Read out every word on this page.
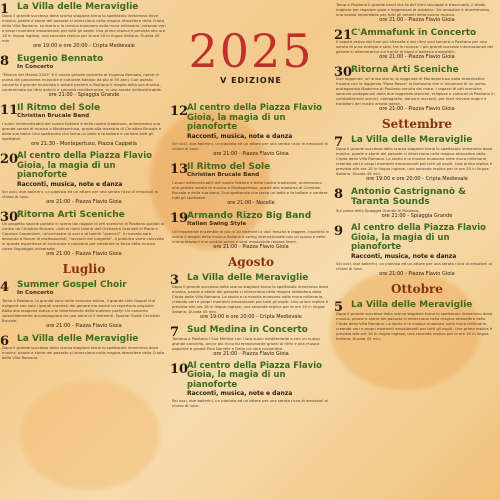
2025
V EDIZIONE
1 La Villa delle Meraviglie
Dopo il grande successo della scorsa stagione torna lo spettacolo immersivo dove musica, parole e storie del passato si intrecciano nella magica atmosfera della Cripta della Villa Romana. La storia e la musica muovono nelle mura millenarie, creando veri e propri momenti emozionanti per tutti gli ospiti. Una prima replica è prevista alle ore 18 in lingua inglese, una seconda replica per le ore 20 in lingua italiana. Durata 45 min.
ore 19:00 e ore 20:00 - Cripta Medievale
8 Eugenio Bennato
In Concerto
"Musica del Mondo 2025" è il nuovo grande concerto di Eugenio Bennato, nome di punta del panorama musicale e culturale italiano da più di 50 anni. Con questo concerto il grande musicista e autore porterà a Positano il meglio della sua musica, contaminata da ritmi antichi e sonorità mediterranee, in una serata indimenticabile.
ore 21:00 - Spiaggia Grande
11
Il Ritmo del Sole
Christian Brucale Band
I suoni indimenticabili del nostro folklore e della nostra tradizione, animeranno una grande serata di musica a Montepertuso, grazie alla maestria di Christian Brucale e della sua band. Uno spettacolo che torna un ballo e fa ballare e cantare tutti gli spettatori.
ore 21:30 - Montepertuso, Piazza Cappella
20
Al centro della Piazza Flavio Gioia, la magia di un pianoforte
Racconti, musica, note e danza
Sei voci, due ballerini, un pianista ed un attore per una serata ricca di emozioni al chiaro di luna.
ore 21:00 - Piazza Flavio Gioia
30
Ritorna Arti Sceniche
Un progetto sociale portato in scena dai ragazzi di arti sceniche di Positano guidati al centro da Christian Brucale, uniti ai nomi talenti dell'Orchestra Scarlatti di Piano e Carolina Carpentieri, un'orchestra di voci e di talenti "speciali". Il ricavato sarà devoluto a favore di professionisti, "racconti del progetto". Il pubblico verrà coinvolto in questa esperienza di inclusione e passione per celebrare la forza della musica come linguaggio universale.
ore 21:00 - Piazza Flavio Gioia
Luglio
4 Summer Gospel Choir
In Concerto
Torna a Positano, la grande voce nelle versione estiva, il grande coro Gospel che eseguirà non solo i grandi successi del genere ma anche un repertorio originale. Abito alla stagione estiva e al divertimento della summer party! Un concerto splendidamente accompagnato da una band di 5 elementi. Special Guest Christian Brucale.
ore 21:00 - Piazza Flavio Gioia
6 La Villa delle Meraviglie
Dopo il grande successo della scorsa stagione torna lo spettacolo immersivo dove musica, parole e storie del passato si intrecciano nella magica atmosfera della Cripta della Villa Romana.
12
Al centro della Piazza Flavio Gioia, la magia di un pianoforte
Racconti, musica, note e danza
Sei voci, due ballerini, un pianista ed un attore per una serata ricca di emozioni al chiaro di luna.
ore 21:00 - Piazza Flavio Gioia
13
Il Ritmo del Sole
Christian Brucale Band
I suoni indimenticabili del nostro folklore e della nostra tradizione, animeranno una grande serata di musica a Montepertuso, grazie alla maestria di Christian Brucale e della sua band. Uno spettacolo che torna un ballo e fa ballare e cantare tutti gli spettatori.
ore 21:00 - Nocelle
19
Armando Rizzo Big Band
Italian Swing Style
Un'imponente ensemble di più di 20 elementi e voci fresche e leggere, riporterà in scena il meglio della musica italiana e swing internazionale con un suono e delle interpretazioni mai sentite prima e sarà impossibile restare fermi.
ore 21:00 - Piazza Flavio Gioia
Agosto
3 La Villa delle Meraviglie
Dopo il grande successo della scorsa stagione torna lo spettacolo immersivo dove musica, parole e storie del passato si intrecciano nella magica atmosfera della Cripta della Villa Romana. La storia e la musica muovono nelle mura millenarie, creando veri e propri momenti emozionanti per tutti gli ospiti. Una prima replica è prevista alle ore 18 in lingua inglese, una seconda replica per le ore 20 in lingua italiana. Durata 45 min.
ore 19:00 e ore 20:00 - Cripta Medievale
7 Sud Medina in Concerto
Tornano a Positano i Sud Medina con i loro suoni mediterranei e con un nuovo grande concerto, ancor più ricco ed emozionante grazie ai ritmi e alla musica popolare e grandi Pino Daniele e Dalla cui sarà consentita.
ore 21:00 - Piazza Flavio Gioia
10
Al centro della Piazza Flavio Gioia, la magia di un pianoforte
Racconti, musica, note e danza
Sei voci, due ballerini, un pianista ed un attore per una serata ricca di emozioni al chiaro di luna.
Torna a Positano il grande band che fa dei ritmi sincopati e trascinanti, il modo migliore per regalare gioia e leggerezza al pubblico. Tra emozioni e divertimento, una serata imperdibile per tutti gli amanti della buona musica.
ore 21:00 - Piazza Flavio Gioia
21
C'Ammafunk in Concerto
Il sapore estivo del funk più sfrenato e dei ritmi soul tornerà a Positano per una serata di pura energia e stile, tra le musica. I più grandi successi internazionali del genere si alterneranno sul fronte di bassi e batteria irresistibili.
ore 21:00 - Piazza Flavio Gioia
30
Ritorna Arti Sceniche
Due leggende, un'unica storia, la leggenda di Montepertuso dalla drammatica fusione con la leggenda "Rosa Rossa" la fantasma che si innamora di un uomo, protagonista Madonna di Positano venuta dal mare. I ragazzi di arti sceniche saranno protagonisti della due leggende storiche, religiose e culturali di Positano in combattimenti scenici, coreografie, danza e racconti, per farci rivivere origini e tradizioni del nostro amato paese.
ore 21:00 - Piazza Flavio Gioia
Settembre
7 La Villa delle Meraviglie
Dopo il grande successo della scorsa stagione torna lo spettacolo immersivo dove musica, parole e storie del passato si intrecciano nella magica atmosfera della Cripta della Villa Romana. La storia e la musica muovono nelle mura millenarie, creando veri e propri momenti emozionanti per tutti gli ospiti. Una prima replica è prevista alle ore 18 in lingua inglese, una seconda replica per le ore 20 in lingua italiana. Durata 45 min.
ore 19:00 e ore 20:00 - Cripta Medievale
8 Antonio Castrignanò & Taranta Sounds
Sul palco della Spiaggia Grande di Positano.
ore 21:00 - Spiaggia Grande
9 Al centro della Piazza Flavio Gioia, la magia di un pianoforte
Racconti, musica, note e danza
Sei voci, due ballerini, un pianista ed un attore per una serata ricca di emozioni al chiaro di luna.
ore 21:00 - Piazza Flavio Gioia
Ottobre
5 La Villa delle Meraviglie
Dopo il grande successo della scorsa stagione torna lo spettacolo immersivo dove musica, parole e storie del passato si intrecciano nella magica atmosfera della Cripta della Villa Romana. La storia e la musica muovono nelle mura millenarie, creando veri e propri momenti emozionanti per tutti gli ospiti. Una prima replica è prevista alle ore 18 in lingua inglese, una seconda replica per le ore 20 in lingua italiana. Durata 45 min.
